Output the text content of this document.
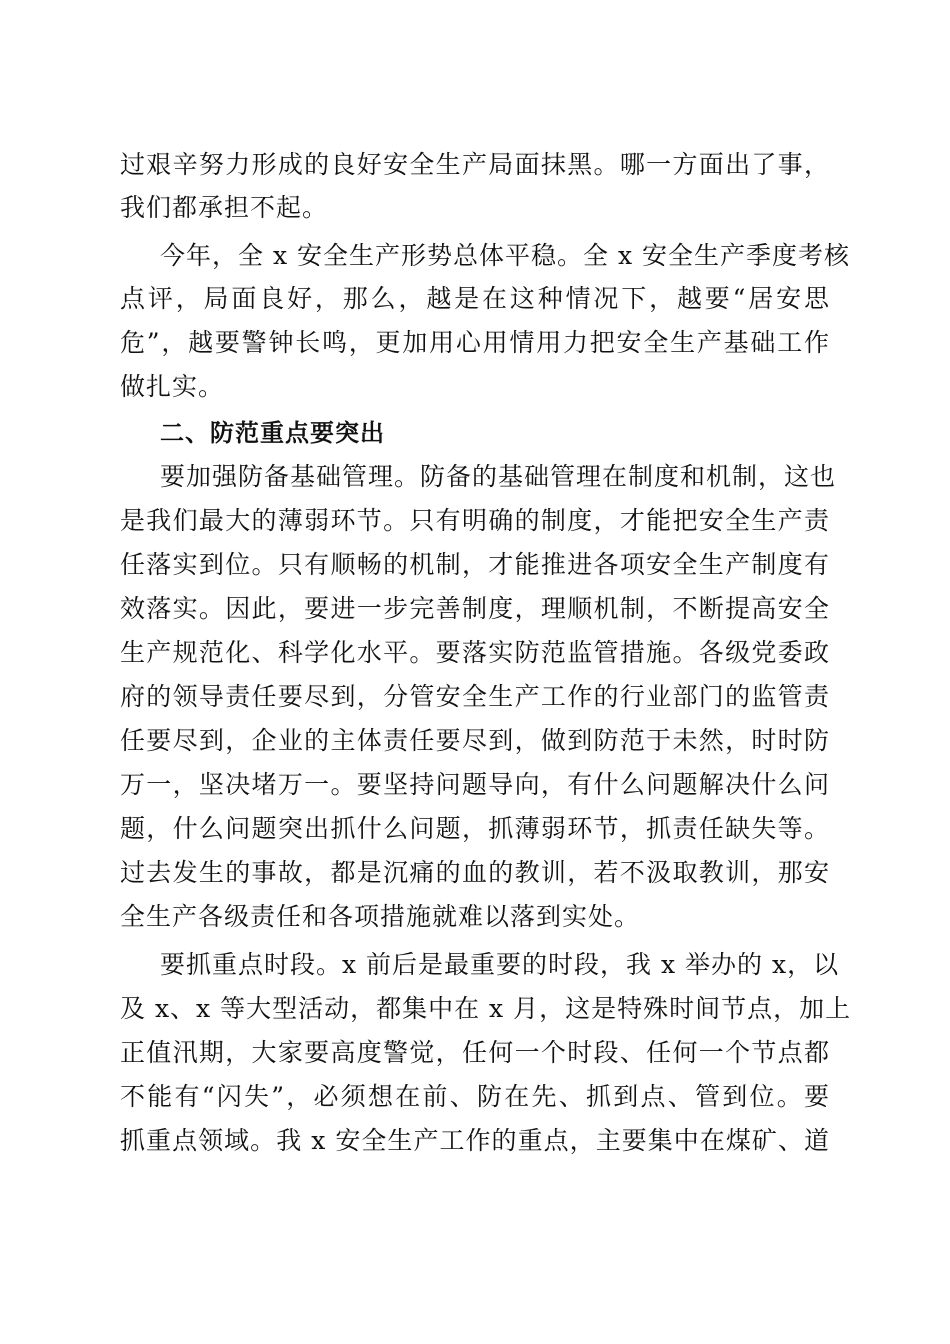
过艰辛努力形成的良好安全生产局面抹黑。哪一方面出了事，
我们都承担不起。
今年，全 x 安全生产形势总体平稳。全 x 安全生产季度考核
点评，局面良好，那么，越是在这种情况下，越要“居安思
危”，越要警钟长鸣，更加用心用情用力把安全生产基础工作
做扎实。
二、防范重点要突出
要加强防备基础管理。防备的基础管理在制度和机制，这也
是我们最大的薄弱环节。只有明确的制度，才能把安全生产责
任落实到位。只有顺畅的机制，才能推进各项安全生产制度有
效落实。因此，要进一步完善制度，理顺机制，不断提高安全
生产规范化、科学化水平。要落实防范监管措施。各级党委政
府的领导责任要尽到，分管安全生产工作的行业部门的监管责
任要尽到，企业的主体责任要尽到，做到防范于未然，时时防
万一，坚决堵万一。要坚持问题导向，有什么问题解决什么问
题，什么问题突出抓什么问题，抓薄弱环节，抓责任缺失等。
过去发生的事故，都是沉痛的血的教训，若不汲取教训，那安
全生产各级责任和各项措施就难以落到实处。
要抓重点时段。x 前后是最重要的时段，我 x 举办的 x，以
及 x、x 等大型活动，都集中在 x 月，这是特殊时间节点，加上
正值汛期，大家要高度警觉，任何一个时段、任何一个节点都
不能有“闪失”，必须想在前、防在先、抓到点、管到位。要
抓重点领域。我 x 安全生产工作的重点，主要集中在煤矿、道
